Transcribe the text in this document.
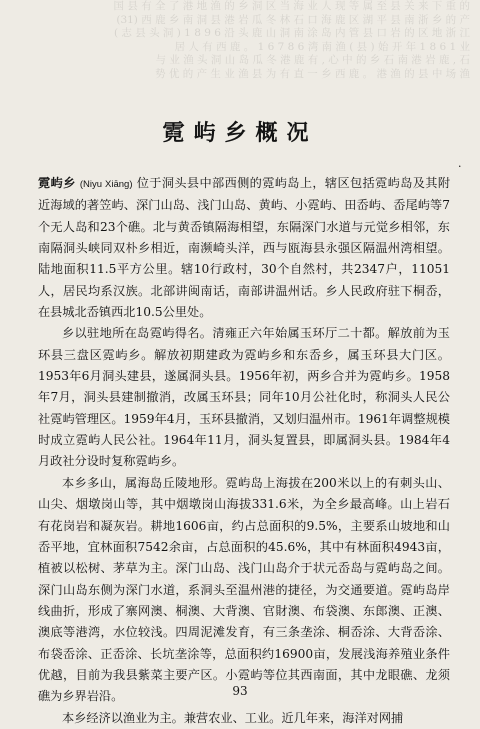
的 重 下 来 关 县 至 属 等 现 人 业 海 当 区 洞 乡 的 渔 地 港 了 全 有 县 国
产 的 乡 浙 南 县 平 湖 区 鹿 海 口 石 林 冬 瓜 岩 港 县 洞 南 乡 鹿 西 (13)
江 浙 地 区 的 岩 口 县 管 内 岛 涂 南 洞 山 鹿 头 沿 6 9 8 1 ( 洞 头 县 志 )
业 1 6 8 1 年 开 始 ( 县 ) 渔 南 湾 6 8 7 6 1 。 鹿 西 有 人 居
石 , 鹿 岩 港 南 石 乡 的 中 心 , 有 鹿 港 冬 瓜 岛 山 洞 头 渔 业 与
渔 场 中 县 的 渔 港 。 鹿 西 乡 一 直 有 为 县 渔 业 生 产 的 优 势
霓屿乡概况
·

霓屿乡 (Niyu Xiāng) 位于洞头县中部西侧的霓屿岛上，辖区包括霓屿岛及其附近海域的著笠屿、深门山岛、浅门山岛、黄屿、小霓屿、田岙屿、岙尾屿等7个无人岛和23个礁。北与黄岙镇隔海相望，东隔深门水道与元觉乡相邻，东南隔洞头峡同双朴乡相近，南濒崎头洋，西与瓯海县永强区隔温州湾相望。陆地面积11.5平方公里。辖10行政村，30个自然村，共2347户，11051人，居民均系汉族。北部讲闽南话，南部讲温州话。乡人民政府驻下桐岙，在县城北岙镇西北10.5公里处。

乡以驻地所在岛霓屿得名。清雍正六年始属玉环厅二十都。解放前为玉环县三盘区霓屿乡。解放初期建政为霓屿乡和东岙乡，属玉环县大门区。1953年6月洞头建县，遂属洞头县。1956年初，两乡合并为霓屿乡。1958年7月，洞头县建制撤消，改属玉环县；同年10月公社化时，称洞头人民公社霓屿管理区。1959年4月，玉环县撤消，又划归温州市。1961年调整规模时成立霓屿人民公社。1964年11月，洞头复置县，即属洞头县。1984年4月政社分设时复称霓屿乡。

本乡多山，属海岛丘陵地形。霓屿岛上海拔在200米以上的有刺头山、山尖、烟墩岗山等，其中烟墩岗山海拔331.6米，为全乡最高峰。山上岩石有花岗岩和凝灰岩。耕地1606亩，约占总面积的9.5%，主要系山坡地和山岙平地，宜林面积7542余亩，占总面积的45.6%，其中有林面积4943亩，植被以松树、茅草为主。深门山岛、浅门山岛介于状元岙岛与霓屿岛之间。深门山岛东侧为深门水道，系洞头至温州港的捷径，为交通要道。霓屿岛岸线曲折，形成了寨网澳、桐澳、大背澳、官財澳、布袋澳、东郎澳、正澳、澳底等港湾，水位较浅。四周泥滩发育，有三条垄涂、桐岙涂、大背岙涂、布袋岙涂、正岙涂、长坑垄涂等，总面积约16900亩，发展浅海养殖业条件优越，目前为我县紫菜主要产区。小霓屿等位其西南面，其中龙眼礁、龙须礁为乡界岩沿。

本乡经济以渔业为主。兼营农业、工业。近几年来，海洋对网捕

93
